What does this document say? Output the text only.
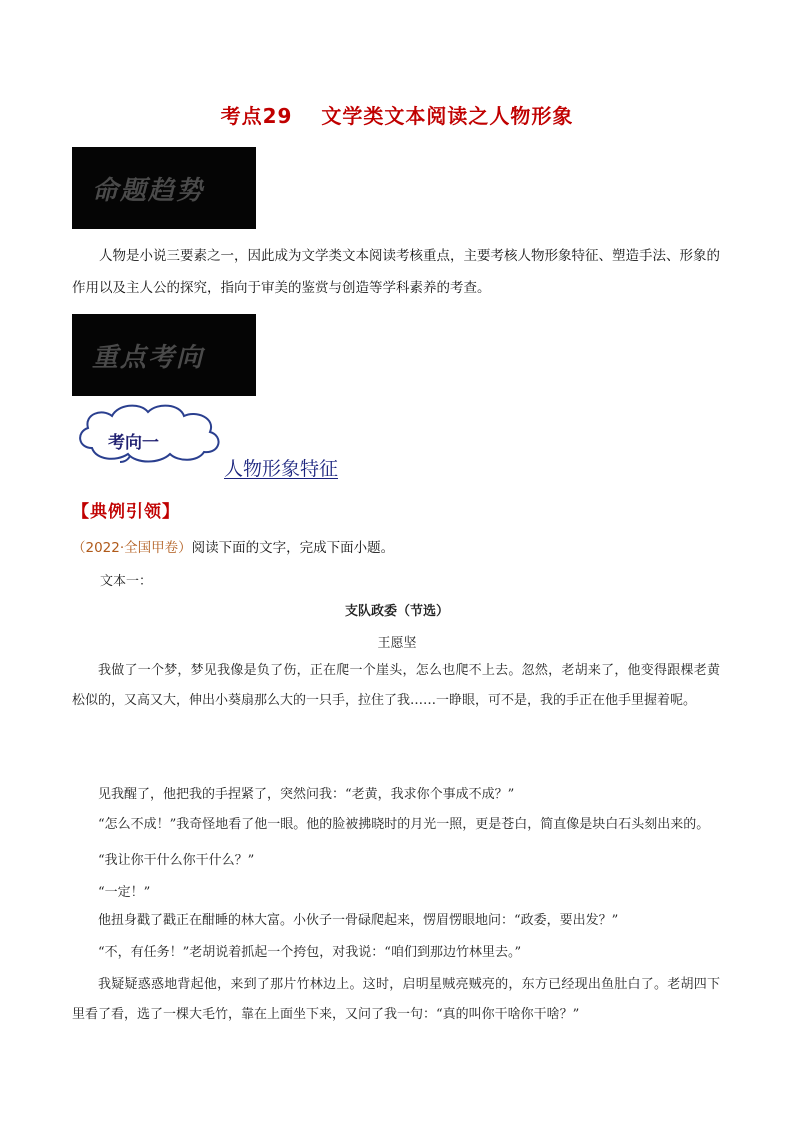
考点29　 文学类文本阅读之人物形象
命题趋势
人物是小说三要素之一，因此成为文学类文本阅读考核重点，主要考核人物形象特征、塑造手法、形象的作用以及主人公的探究，指向于审美的鉴赏与创造等学科素养的考查。
重点考向
考向一
人物形象特征
【典例引领】
（2022·全国甲卷）阅读下面的文字，完成下面小题。
文本一：
支队政委（节选）
王愿坚
我做了一个梦，梦见我像是负了伤，正在爬一个崖头，怎么也爬不上去。忽然，老胡来了，他变得跟棵老黄松似的，又高又大，伸出小葵扇那么大的一只手，拉住了我……一睁眼，可不是，我的手正在他手里握着呢。
见我醒了，他把我的手捏紧了，突然问我：“老黄，我求你个事成不成？”
“怎么不成！”我奇怪地看了他一眼。他的脸被拂晓时的月光一照，更是苍白，简直像是块白石头刻出来的。
“我让你干什么你干什么？”
“一定！”
他扭身戳了戳正在酣睡的林大富。小伙子一骨碌爬起来，愣眉愣眼地问：“政委，要出发？”
“不，有任务！”老胡说着抓起一个挎包，对我说：“咱们到那边竹林里去。”
我疑疑惑惑地背起他，来到了那片竹林边上。这时，启明星贼亮贼亮的，东方已经现出鱼肚白了。老胡四下里看了看，选了一棵大毛竹，靠在上面坐下来，又问了我一句：“真的叫你干啥你干啥？”
